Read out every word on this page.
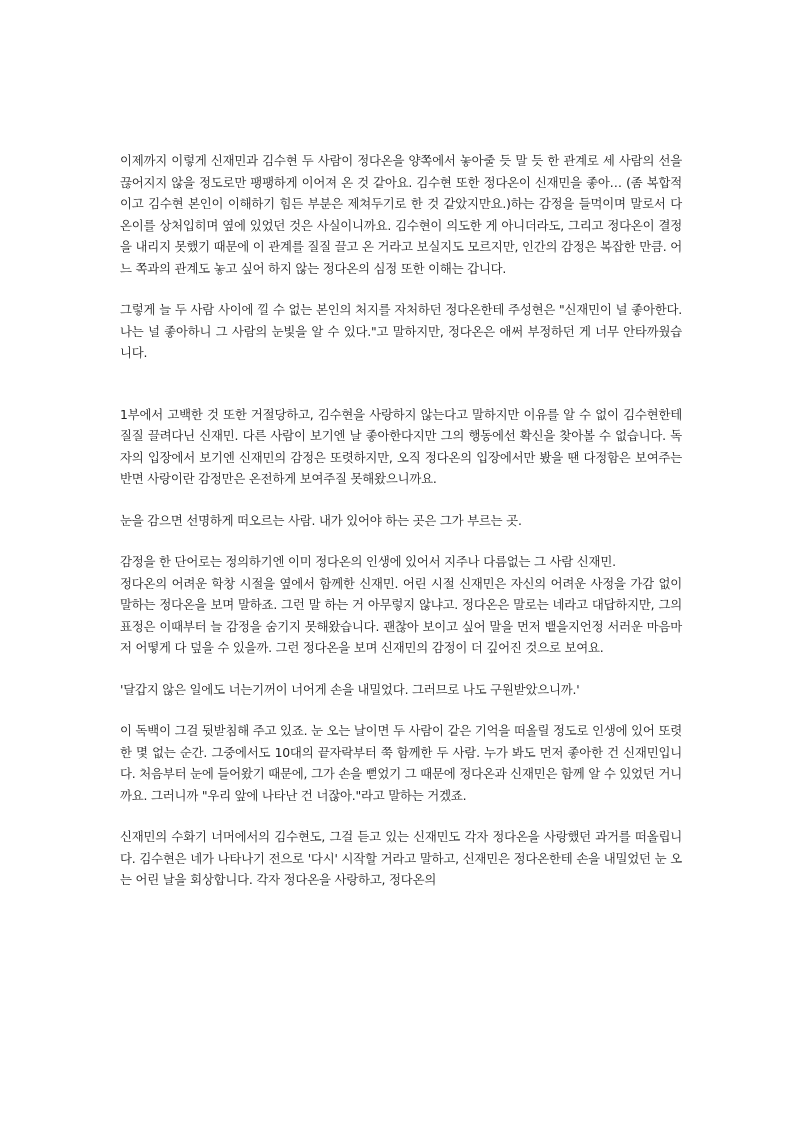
이제까지 이렇게 신재민과 김수현 두 사람이 정다온을 양쪽에서 놓아줄 듯 말 듯 한 관계로 세 사람의 선을 끊어지지 않을 정도로만 팽팽하게 이어져 온 것 같아요. 김수현 또한 정다온이 신재민을 좋아… (좀 복합적이고 김수현 본인이 이해하기 힘든 부분은 제쳐두기로 한 것 같았지만요.)하는 감정을 들먹이며 말로서 다온이를 상처입히며 옆에 있었던 것은 사실이니까요. 김수현이 의도한 게 아니더라도, 그리고 정다온이 결정을 내리지 못했기 때문에 이 관계를 질질 끌고 온 거라고 보실지도 모르지만, 인간의 감정은 복잡한 만큼. 어느 쪽과의 관계도 놓고 싶어 하지 않는 정다온의 심정 또한 이해는 갑니다.

그렇게 늘 두 사람 사이에 낄 수 없는 본인의 처지를 자처하던 정다온한테 주성현은 "신재민이 널 좋아한다. 나는 널 좋아하니 그 사람의 눈빛을 알 수 있다."고 말하지만, 정다온은 애써 부정하던 게 너무 안타까웠습니다.

1부에서 고백한 것 또한 거절당하고, 김수현을 사랑하지 않는다고 말하지만 이유를 알 수 없이 김수현한테 질질 끌려다닌 신재민. 다른 사람이 보기엔 날 좋아한다지만 그의 행동에선 확신을 찾아볼 수 없습니다. 독자의 입장에서 보기엔 신재민의 감정은 또렷하지만, 오직 정다온의 입장에서만 봤을 땐 다정함은 보여주는 반면 사랑이란 감정만은 온전하게 보여주질 못해왔으니까요.

눈을 감으면 선명하게 떠오르는 사람. 내가 있어야 하는 곳은 그가 부르는 곳.

감정을 한 단어로는 정의하기엔 이미 정다온의 인생에 있어서 지주나 다름없는 그 사람 신재민.

정다온의 어려운 학창 시절을 옆에서 함께한 신재민. 어린 시절 신재민은 자신의 어려운 사정을 가감 없이 말하는 정다온을 보며 말하죠. 그런 말 하는 거 아무렇지 않냐고. 정다온은 말로는 네라고 대답하지만, 그의 표정은 이때부터 늘 감정을 숨기지 못해왔습니다. 괜찮아 보이고 싶어 말을 먼저 뱉을지언정 서러운 마음마저 어떻게 다 덮을 수 있을까. 그런 정다온을 보며 신재민의 감정이 더 깊어진 것으로 보여요.

'달갑지 않은 일에도 너는기꺼이 너어게 손을 내밀었다. 그러므로 나도 구원받았으니까.'

이 독백이 그걸 뒷받침해 주고 있죠. 눈 오는 날이면 두 사람이 같은 기억을 떠올릴 정도로 인생에 있어 또렷한 몇 없는 순간. 그중에서도 10대의 끝자락부터 쭉 함께한 두 사람. 누가 봐도 먼저 좋아한 건 신재민입니다. 처음부터 눈에 들어왔기 때문에, 그가 손을 뻗었기 그 때문에 정다온과 신재민은 함께 알 수 있었던 거니까요. 그러니까 "우리 앞에 나타난 건 너잖아."라고 말하는 거겠죠.

신재민의 수화기 너머에서의 김수현도, 그걸 듣고 있는 신재민도 각자 정다온을 사랑했던 과거를 떠올립니다. 김수현은 네가 나타나기 전으로 '다시' 시작할 거라고 말하고, 신재민은 정다온한테 손을 내밀었던 눈 오는 어린 날을 회상합니다. 각자 정다온을 사랑하고, 정다온의
